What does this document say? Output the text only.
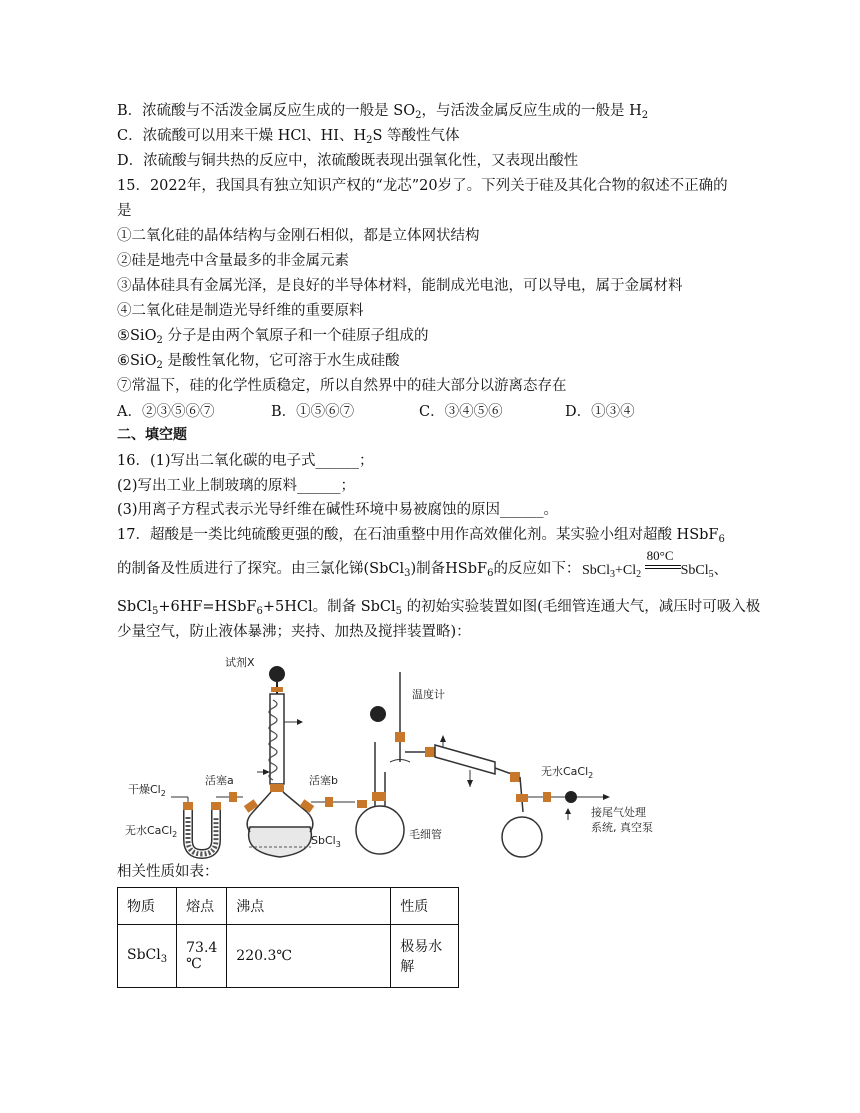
B．浓硫酸与不活泼金属反应生成的一般是 $SO_2$，与活泼金属反应生成的一般是 $H_2$
C．浓硫酸可以用来干燥 HCl、HI、$H_2S$ 等酸性气体
D．浓硫酸与铜共热的反应中，浓硫酸既表现出强氧化性，又表现出酸性
15．2022年，我国具有独立知识产权的“龙芯”20岁了。下列关于硅及其化合物的叙述不正确的
是
①二氧化硅的晶体结构与金刚石相似，都是立体网状结构
②硅是地壳中含量最多的非金属元素
③晶体硅具有金属光泽，是良好的半导体材料，能制成光电池，可以导电，属于金属材料
④二氧化硅是制造光导纤维的重要原料
⑤SiO$_2$ 分子是由两个氧原子和一个硅原子组成的
⑥SiO$_2$ 是酸性氧化物，它可溶于水生成硅酸
⑦常温下，硅的化学性质稳定，所以自然界中的硅大部分以游离态存在
A．②③⑤⑥⑦	B．①⑤⑥⑦	C．③④⑤⑥	D．①③④
二、填空题
16．(1)写出二氧化碳的电子式______；
(2)写出工业上制玻璃的原料______；
(3)用离子方程式表示光导纤维在碱性环境中易被腐蚀的原因______。
17．超酸是一类比纯硫酸更强的酸，在石油重整中用作高效催化剂。某实验小组对超酸 HSbF$_6$
的制备及性质进行了探究。由三氯化锑(SbCl$_3$)制备HSbF$_6$的反应如下： $SbCl_3+Cl_2$
80°C
SbCl$_5$、
SbCl$_5$+6HF=HSbF$_6$+5HCl。制备 SbCl$_5$ 的初始实验装置如图(毛细管连通大气，减压时可吸入极
少量空气，防止液体暴沸；夹持、加热及搅拌装置略)：
试剂X
干燥$Cl_2$
无水CaCl$_2$
活塞a	活塞b
SbCl$_3$
温度计
毛细管
无水CaCl$_2$
接尾气处理
系统, 真空泵
相关性质如表：
物质	熔点	沸点	性质
SbCl$_3$	73.4
℃	220.3℃	极易水解
